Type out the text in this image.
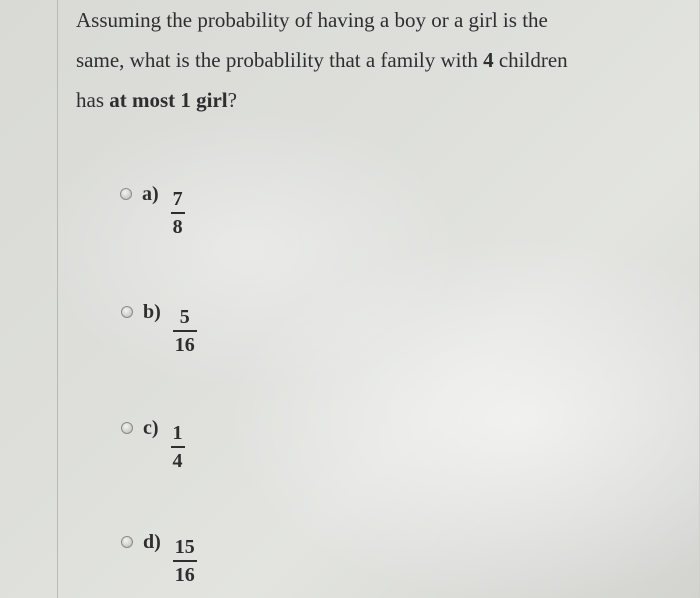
Assuming the probability of having a boy or a girl is the
same, what is the probablility that a family with 4 children
has at most 1 girl?

$a) \frac{7}{8}$
$b) \frac{5}{16}$
$c) \frac{1}{4}$
$d) \frac{15}{16}$
